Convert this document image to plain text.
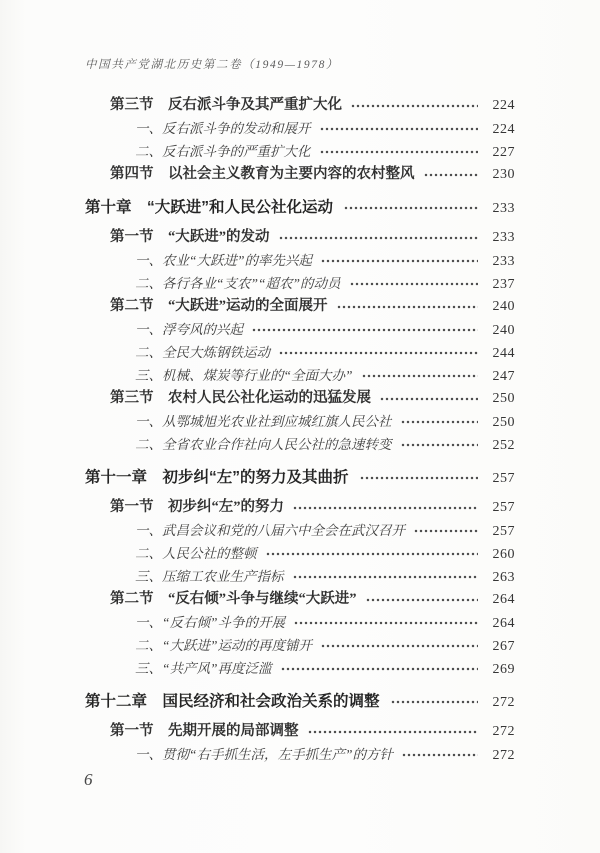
中国共产党湖北历史第二卷（1949—1978）
第三节　反右派斗争及其严重扩大化	224
一、反右派斗争的发动和展开	224
二、反右派斗争的严重扩大化	227
第四节　以社会主义教育为主要内容的农村整风	230
第十章　“大跃进”和人民公社化运动	233
第一节　“大跃进”的发动	233
一、农业“大跃进”的率先兴起	233
二、各行各业“支农”“超农”的动员	237
第二节　“大跃进”运动的全面展开	240
一、浮夸风的兴起	240
二、全民大炼钢铁运动	244
三、机械、煤炭等行业的“全面大办”	247
第三节　农村人民公社化运动的迅猛发展	250
一、从鄂城旭光农业社到应城红旗人民公社	250
二、全省农业合作社向人民公社的急速转变	252
第十一章　初步纠“左”的努力及其曲折	257
第一节　初步纠“左”的努力	257
一、武昌会议和党的八届六中全会在武汉召开	257
二、人民公社的整顿	260
三、压缩工农业生产指标	263
第二节　“反右倾”斗争与继续“大跃进”	264
一、“反右倾”斗争的开展	264
二、“大跃进”运动的再度铺开	267
三、“共产风”再度泛滥	269
第十二章　国民经济和社会政治关系的调整	272
第一节　先期开展的局部调整	272
一、贯彻“右手抓生活，左手抓生产”的方针	272
6
